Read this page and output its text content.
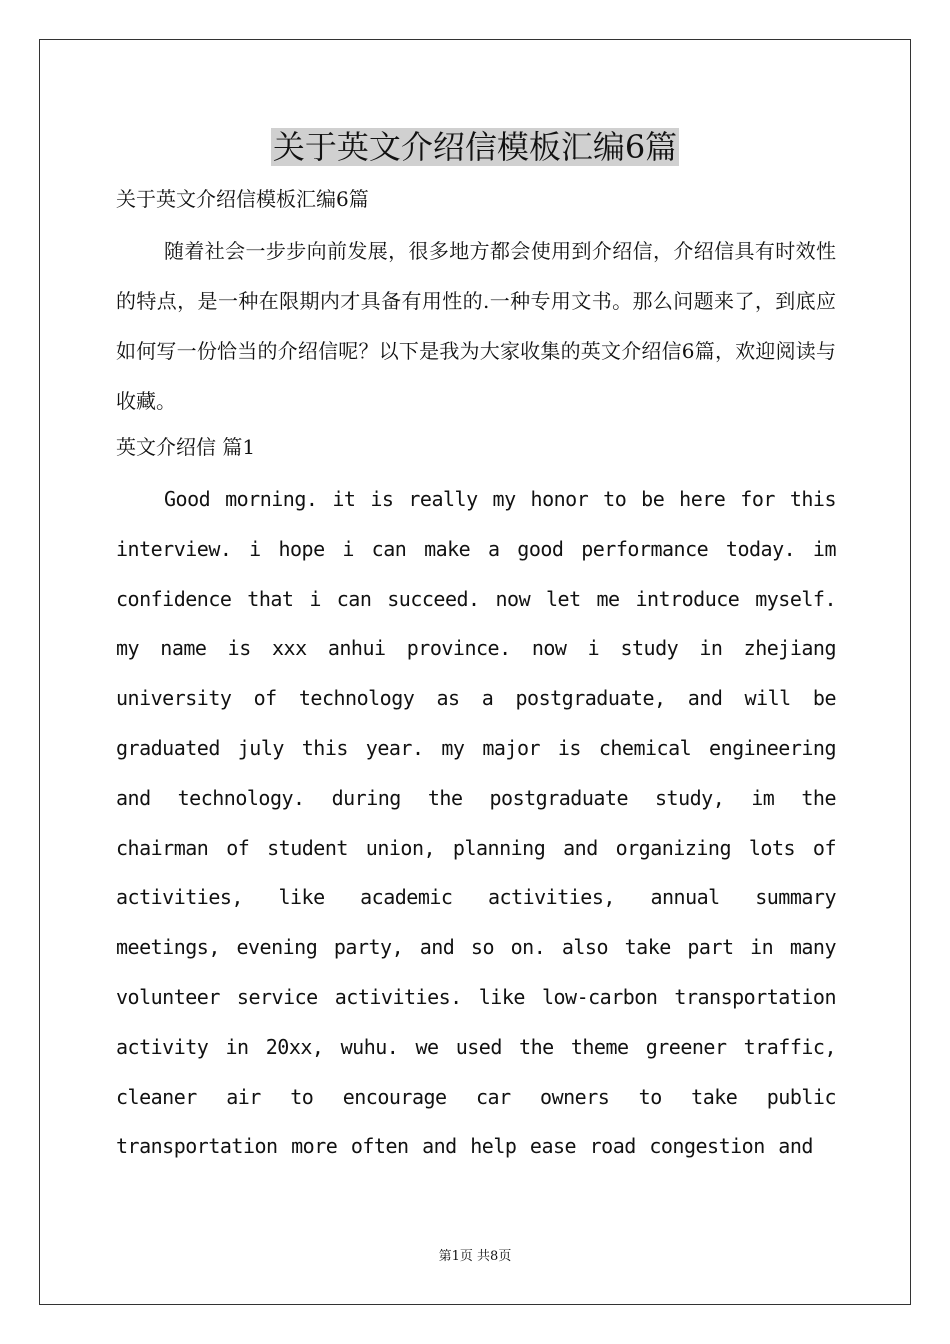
关于英文介绍信模板汇编6篇
关于英文介绍信模板汇编6篇

随着社会一步步向前发展，很多地方都会使用到介绍信，介绍信具有时效性的特点，是一种在限期内才具备有用性的.一种专用文书。那么问题来了，到底应如何写一份恰当的介绍信呢？以下是我为大家收集的英文介绍信6篇，欢迎阅读与收藏。

英文介绍信 篇1

Good morning. it is really my honor to be here for this interview. i hope i can make a good performance today. im confidence that i can succeed. now let me introduce myself. my name is xxx anhui province. now i study in zhejiang university of technology as a postgraduate, and will be graduated july this year. my major is chemical engineering and technology. during the postgraduate study, im the chairman of student union, planning and organizing lots of activities, like academic activities, annual summary meetings, evening party, and so on. also take part in many volunteer service activities. like low-carbon transportation activity in 20xx, wuhu. we used the theme greener traffic, cleaner air to encourage car owners to take public transportation more often and help ease road congestion and

第1页 共8页
